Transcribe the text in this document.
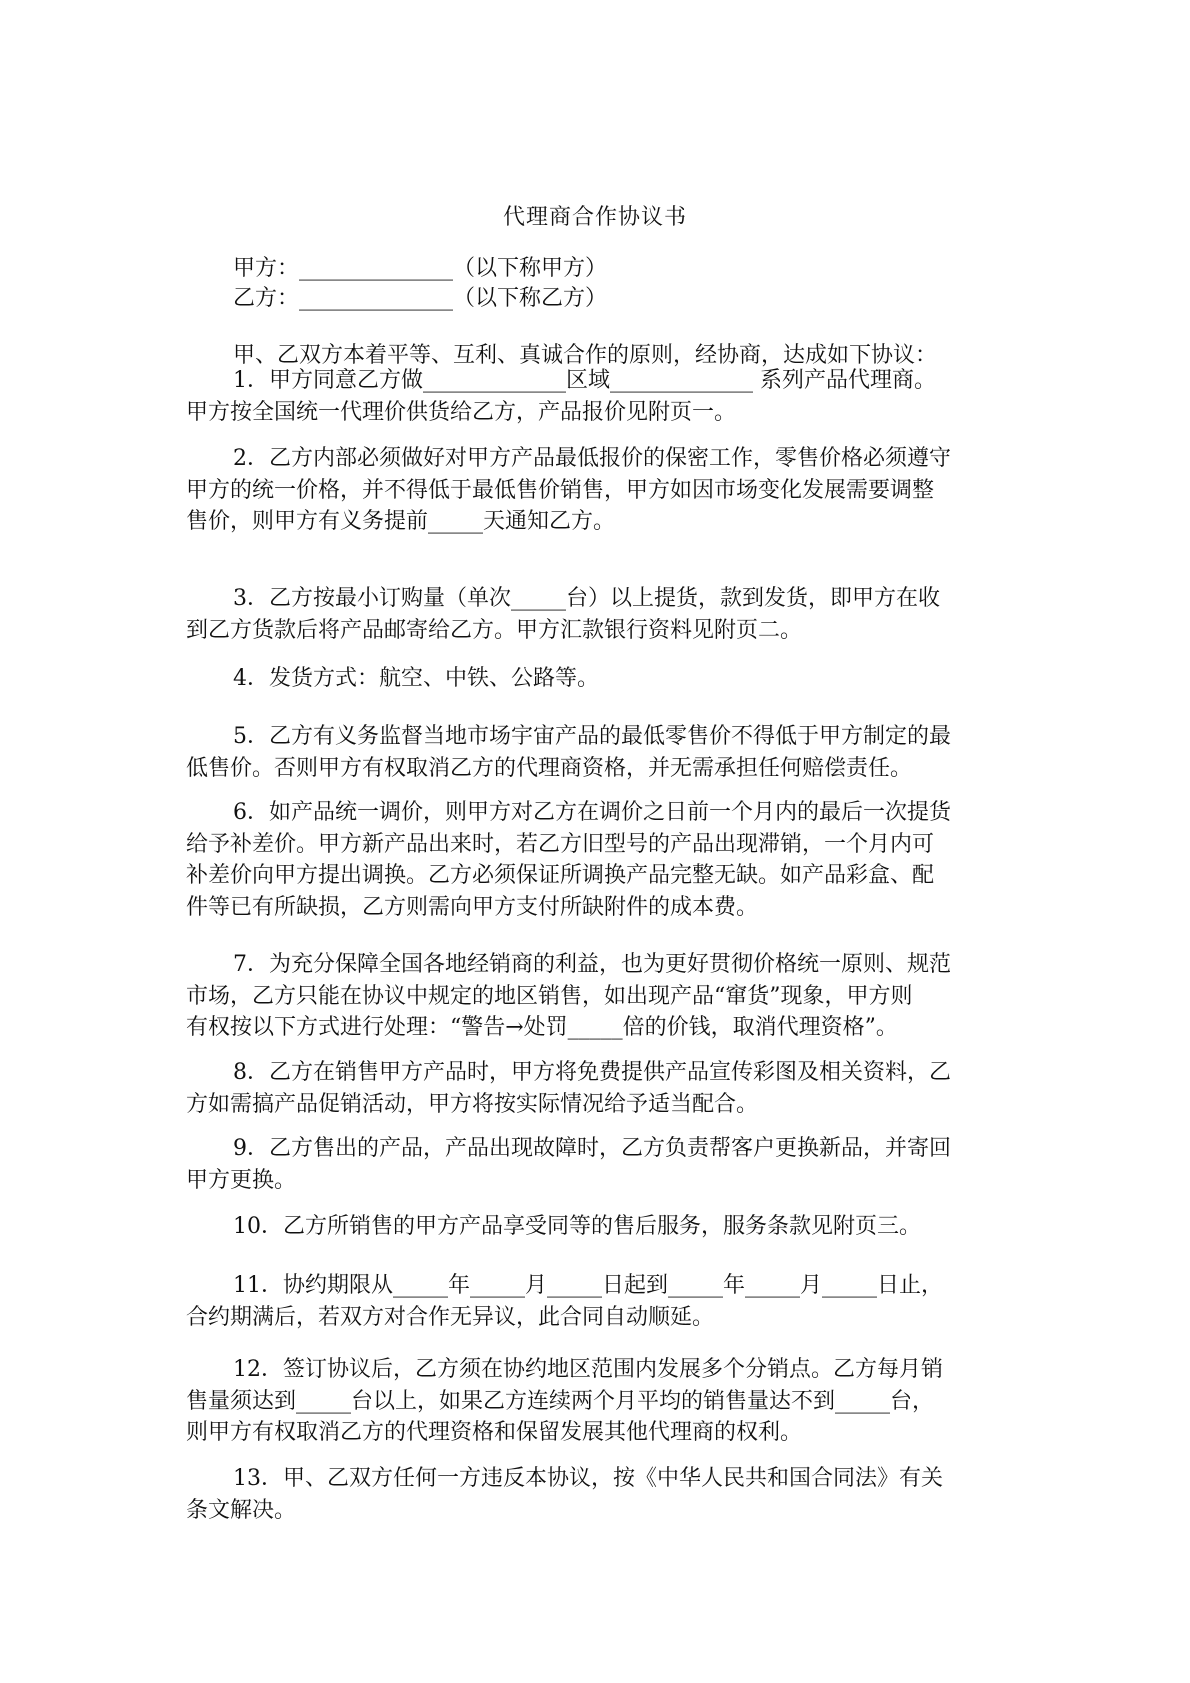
代理商合作协议书
甲方：______________（以下称甲方）
乙方：______________（以下称乙方）
甲、乙双方本着平等、互利、真诚合作的原则，经协商，达成如下协议：
1．甲方同意乙方做_____________区域_____________ 系列产品代理商。
甲方按全国统一代理价供货给乙方，产品报价见附页一。
2．乙方内部必须做好对甲方产品最低报价的保密工作，零售价格必须遵守
甲方的统一价格，并不得低于最低售价销售，甲方如因市场变化发展需要调整
售价，则甲方有义务提前_____天通知乙方。
3．乙方按最小订购量（单次_____台）以上提货，款到发货，即甲方在收
到乙方货款后将产品邮寄给乙方。甲方汇款银行资料见附页二。
4．发货方式：航空、中铁、公路等。
5．乙方有义务监督当地市场宇宙产品的最低零售价不得低于甲方制定的最
低售价。否则甲方有权取消乙方的代理商资格，并无需承担任何赔偿责任。
6．如产品统一调价，则甲方对乙方在调价之日前一个月内的最后一次提货
给予补差价。甲方新产品出来时，若乙方旧型号的产品出现滞销，一个月内可
补差价向甲方提出调换。乙方必须保证所调换产品完整无缺。如产品彩盒、配
件等已有所缺损，乙方则需向甲方支付所缺附件的成本费。
7．为充分保障全国各地经销商的利益，也为更好贯彻价格统一原则、规范
市场，乙方只能在协议中规定的地区销售，如出现产品“窜货”现象，甲方则
有权按以下方式进行处理：“警告→处罚_____倍的价钱，取消代理资格”。
8．乙方在销售甲方产品时，甲方将免费提供产品宣传彩图及相关资料，乙
方如需搞产品促销活动，甲方将按实际情况给予适当配合。
9．乙方售出的产品，产品出现故障时，乙方负责帮客户更换新品，并寄回
甲方更换。
10．乙方所销售的甲方产品享受同等的售后服务，服务条款见附页三。
11．协约期限从_____年_____月_____日起到_____年_____月_____日止，
合约期满后，若双方对合作无异议，此合同自动顺延。
12．签订协议后，乙方须在协约地区范围内发展多个分销点。乙方每月销
售量须达到_____台以上，如果乙方连续两个月平均的销售量达不到_____台，
则甲方有权取消乙方的代理资格和保留发展其他代理商的权利。
13．甲、乙双方任何一方违反本协议，按《中华人民共和国合同法》有关
条文解决。
